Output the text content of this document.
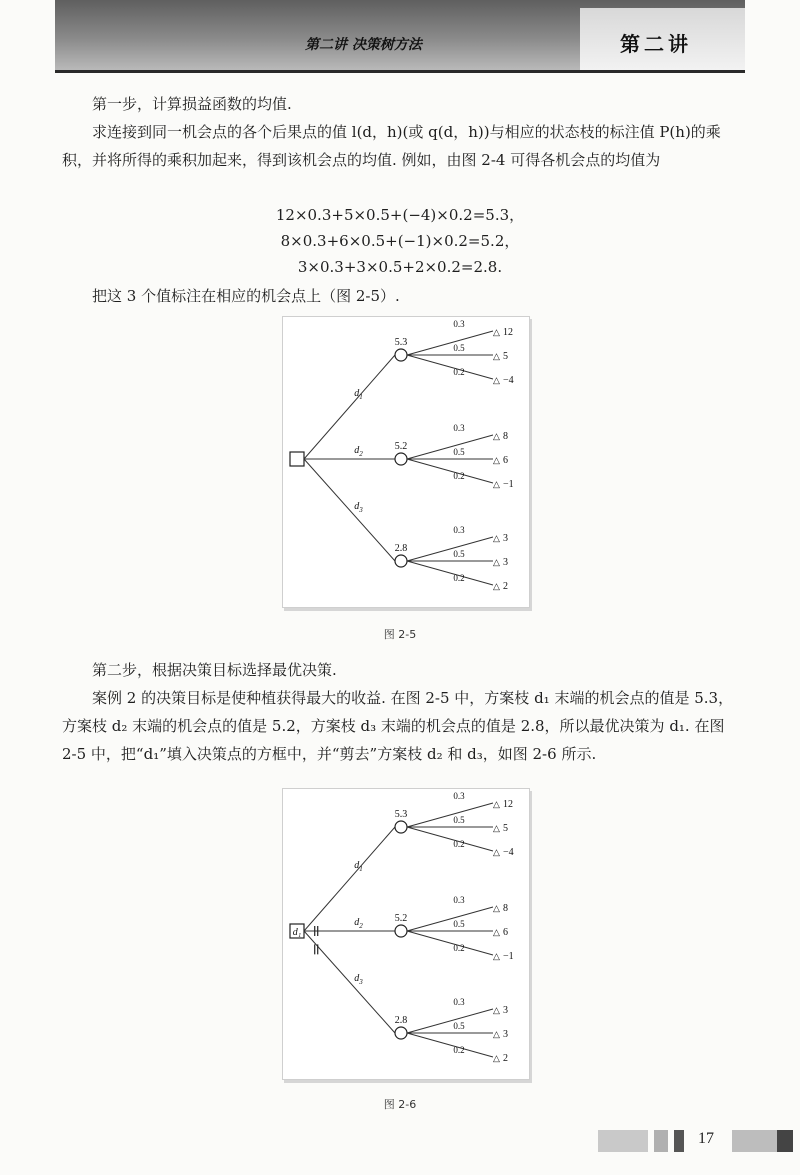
第二讲 决策树方法	第二讲

第一步，计算损益函数的均值.

求连接到同一机会点的各个后果点的值 l(d，h)(或 q(d，h))与相应的状态枝的标注值 P(h)的乘积，并将所得的乘积加起来，得到该机会点的均值. 例如，由图 2-4 可得各机会点的均值为

12×0.3+5×0.5+(−4)×0.2=5.3，
8×0.3+6×0.5+(−1)×0.2=5.2，
3×0.3+3×0.5+2×0.2=2.8.

把这 3 个值标注在相应的机会点上（图 2-5）.

$d_1$
5.3
0.3
△ 12
0.5
△ 5
0.2
△ −4
$d_2$
5.2
0.3
△ 8
0.5
△ 6
0.2
△ −1
$d_3$
2.8
0.3
△ 3
0.5
△ 3
0.2
△ 2
图 2-5

第二步，根据决策目标选择最优决策.

案例 2 的决策目标是使种植获得最大的收益. 在图 2-5 中，方案枝 d₁ 末端的机会点的值是 5.3，方案枝 d₂ 末端的机会点的值是 5.2，方案枝 d₃ 末端的机会点的值是 2.8，所以最优决策为 d₁. 在图 2-5 中，把“d₁”填入决策点的方框中，并“剪去”方案枝 d₂ 和 d₃，如图 2-6 所示.

d₁
$d_1$
5.3
0.3
△ 12
0.5
△ 5
0.2
△ −4
$d_2$
5.2
0.3
△ 8
0.5
△ 6
0.2
△ −1
$d_3$
2.8
0.3
△ 3
0.5
△ 3
0.2
△ 2
图 2-6
17
